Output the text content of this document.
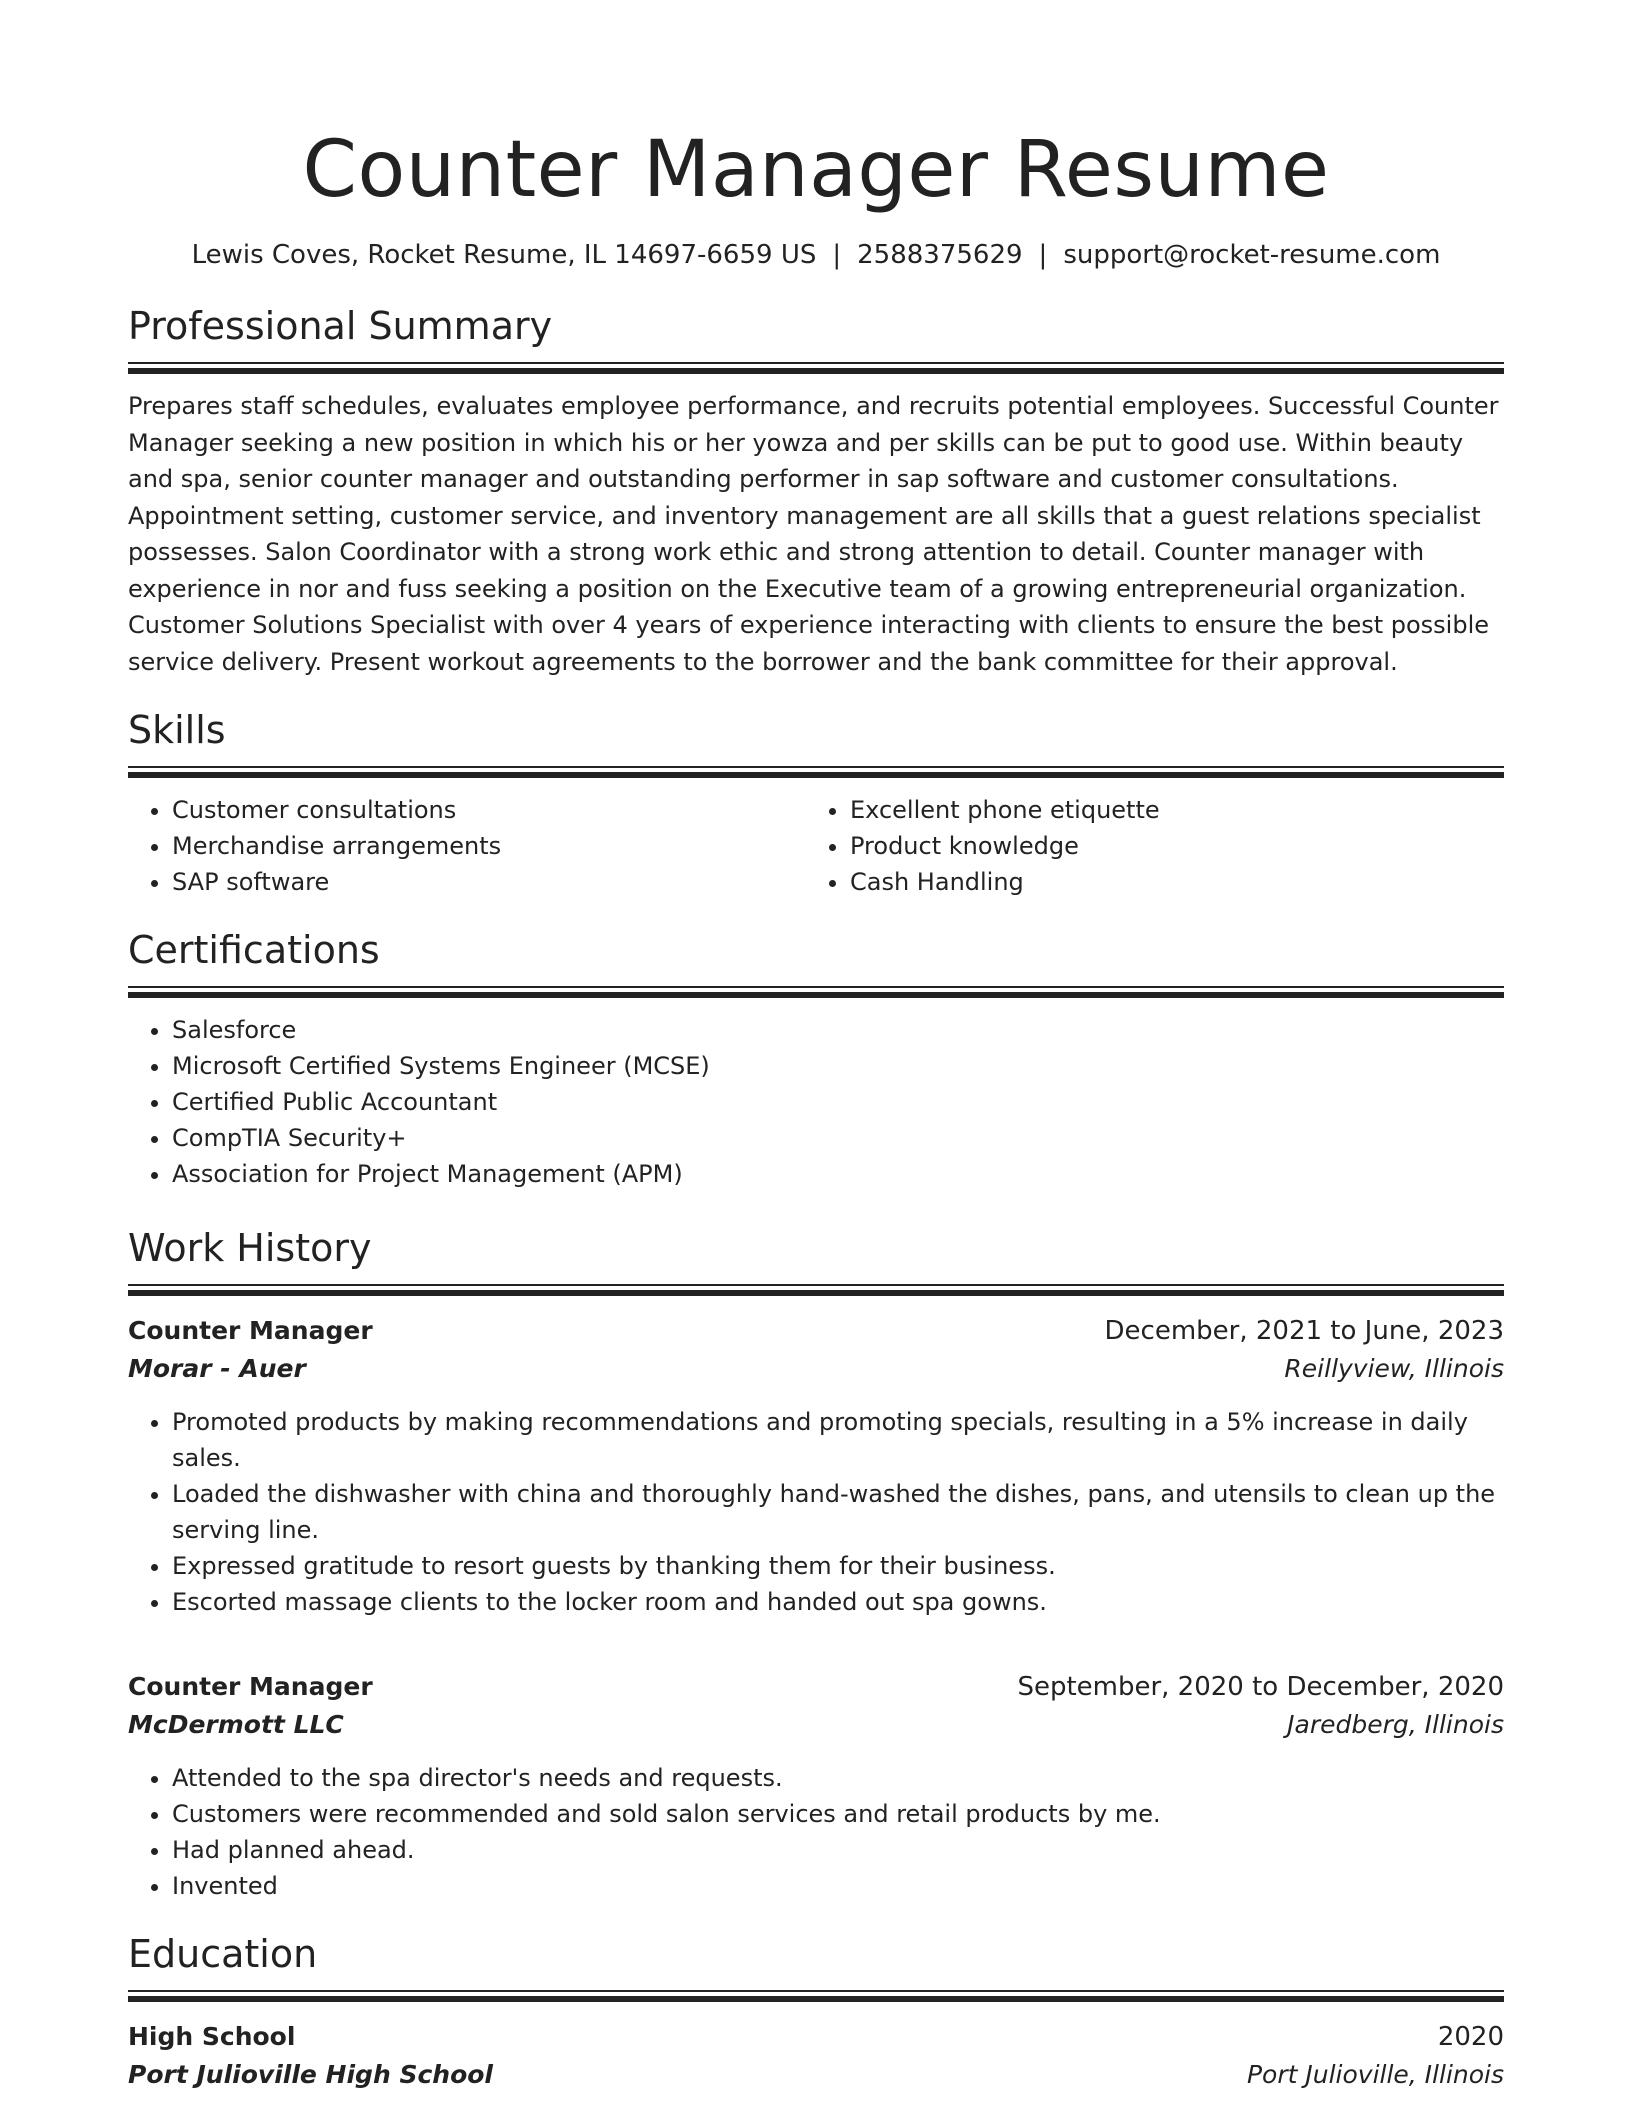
Counter Manager Resume
Lewis Coves, Rocket Resume, IL 14697-6659 US | 2588375629 | support@rocket-resume.com
Professional Summary

Prepares staff schedules, evaluates employee performance, and recruits potential employees. Successful Counter Manager seeking a new position in which his or her yowza and per skills can be put to good use. Within beauty and spa, senior counter manager and outstanding performer in sap software and customer consultations. Appointment setting, customer service, and inventory management are all skills that a guest relations specialist possesses. Salon Coordinator with a strong work ethic and strong attention to detail. Counter manager with experience in nor and fuss seeking a position on the Executive team of a growing entrepreneurial organization. Customer Solutions Specialist with over 4 years of experience interacting with clients to ensure the best possible service delivery. Present workout agreements to the borrower and the bank committee for their approval.

Skills
• Customer consultations
• Merchandise arrangements
• SAP software
• Excellent phone etiquette
• Product knowledge
• Cash Handling
Certifications
• Salesforce
• Microsoft Certified Systems Engineer (MCSE)
• Certified Public Accountant
• CompTIA Security+
• Association for Project Management (APM)
Work History
Counter Manager	December, 2021 to June, 2023
Morar - Auer	Reillyview, Illinois
• Promoted products by making recommendations and promoting specials, resulting in a 5% increase in daily sales.
• Loaded the dishwasher with china and thoroughly hand-washed the dishes, pans, and utensils to clean up the serving line.
• Expressed gratitude to resort guests by thanking them for their business.
• Escorted massage clients to the locker room and handed out spa gowns.
Counter Manager	September, 2020 to December, 2020
McDermott LLC	Jaredberg, Illinois
• Attended to the spa director's needs and requests.
• Customers were recommended and sold salon services and retail products by me.
• Had planned ahead.
• Invented
Education
High School	2020
Port Julioville High School	Port Julioville, Illinois
